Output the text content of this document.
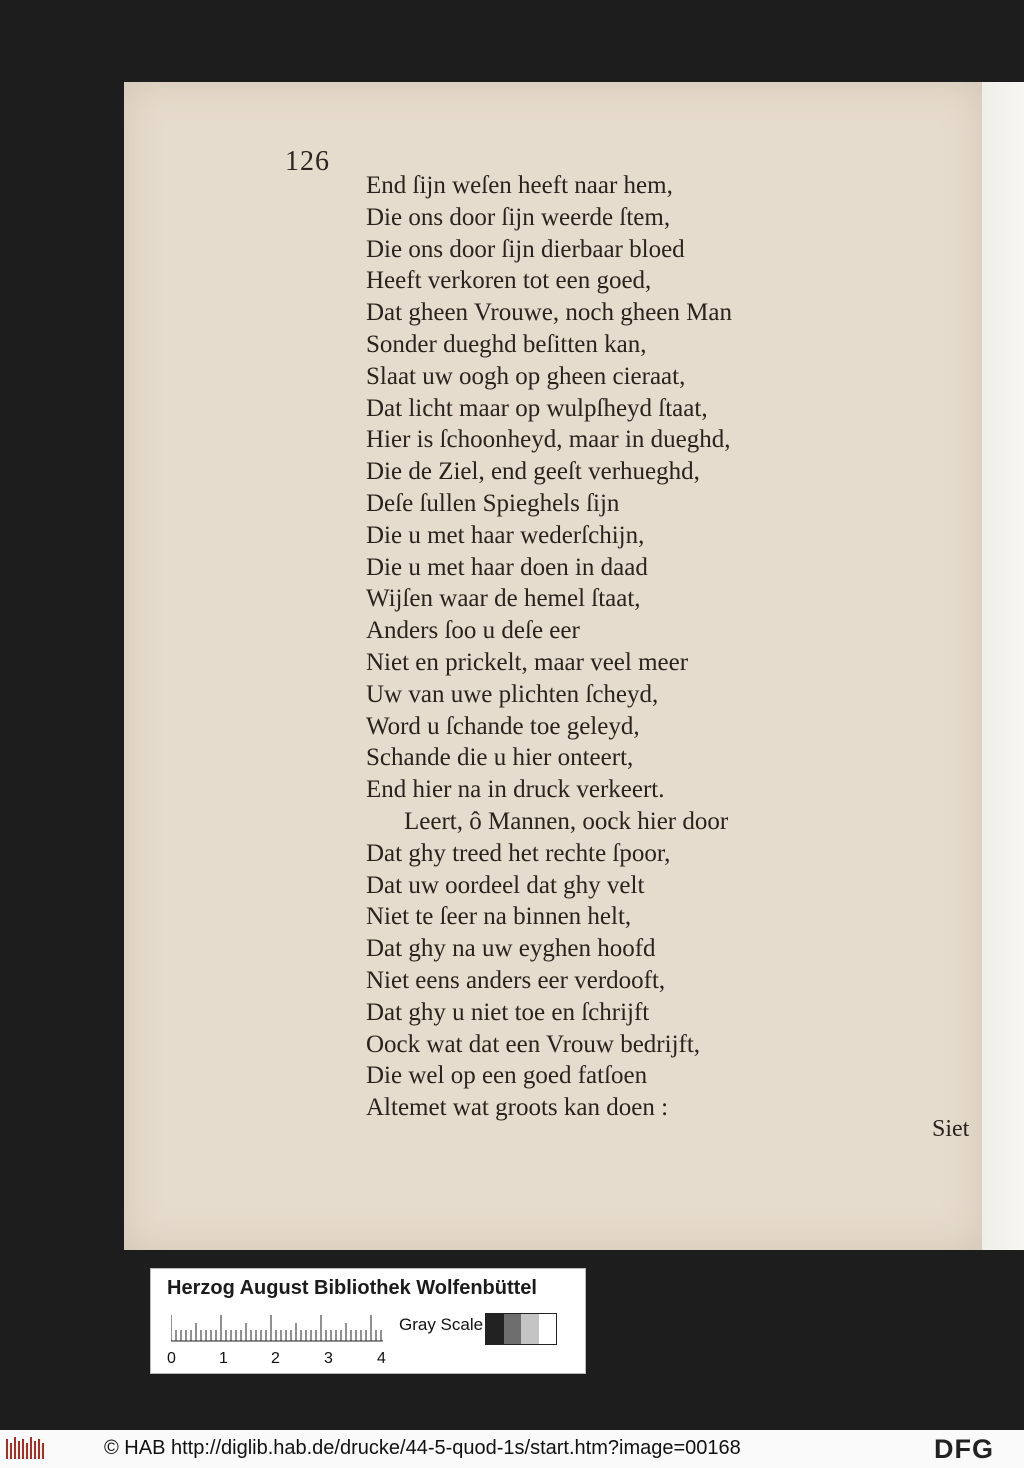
126
End ſijn weſen heeft naar hem,
Die ons door ſijn weerde ſtem,
Die ons door ſijn dierbaar bloed
Heeft verkoren tot een goed,
Dat gheen Vrouwe, noch gheen Man
Sonder dueghd beſitten kan,
Slaat uw oogh op gheen cieraat,
Dat licht maar op wulpſheyd ſtaat,
Hier is ſchoonheyd, maar in dueghd,
Die de Ziel, end geeſt verhueghd,
Deſe ſullen Spieghels ſijn
Die u met haar wederſchijn,
Die u met haar doen in daad
Wijſen waar de hemel ſtaat,
Anders ſoo u deſe eer
Niet en prickelt, maar veel meer
Uw van uwe plichten ſcheyd,
Word u ſchande toe geleyd,
Schande die u hier onteert,
End hier na in druck verkeert.
Leert, ô Mannen, oock hier door
Dat ghy treed het rechte ſpoor,
Dat uw oordeel dat ghy velt
Niet te ſeer na binnen helt,
Dat ghy na uw eyghen hoofd
Niet eens anders eer verdooft,
Dat ghy u niet toe en ſchrijft
Oock wat dat een Vrouw bedrijft,
Die wel op een goed fatſoen
Altemet wat groots kan doen :
Siet
Herzog August Bibliothek Wolfenbüttel
0	1	2	3	4
Gray Scale
© HAB http://diglib.hab.de/drucke/44-5-quod-1s/start.htm?image=00168	DFG
